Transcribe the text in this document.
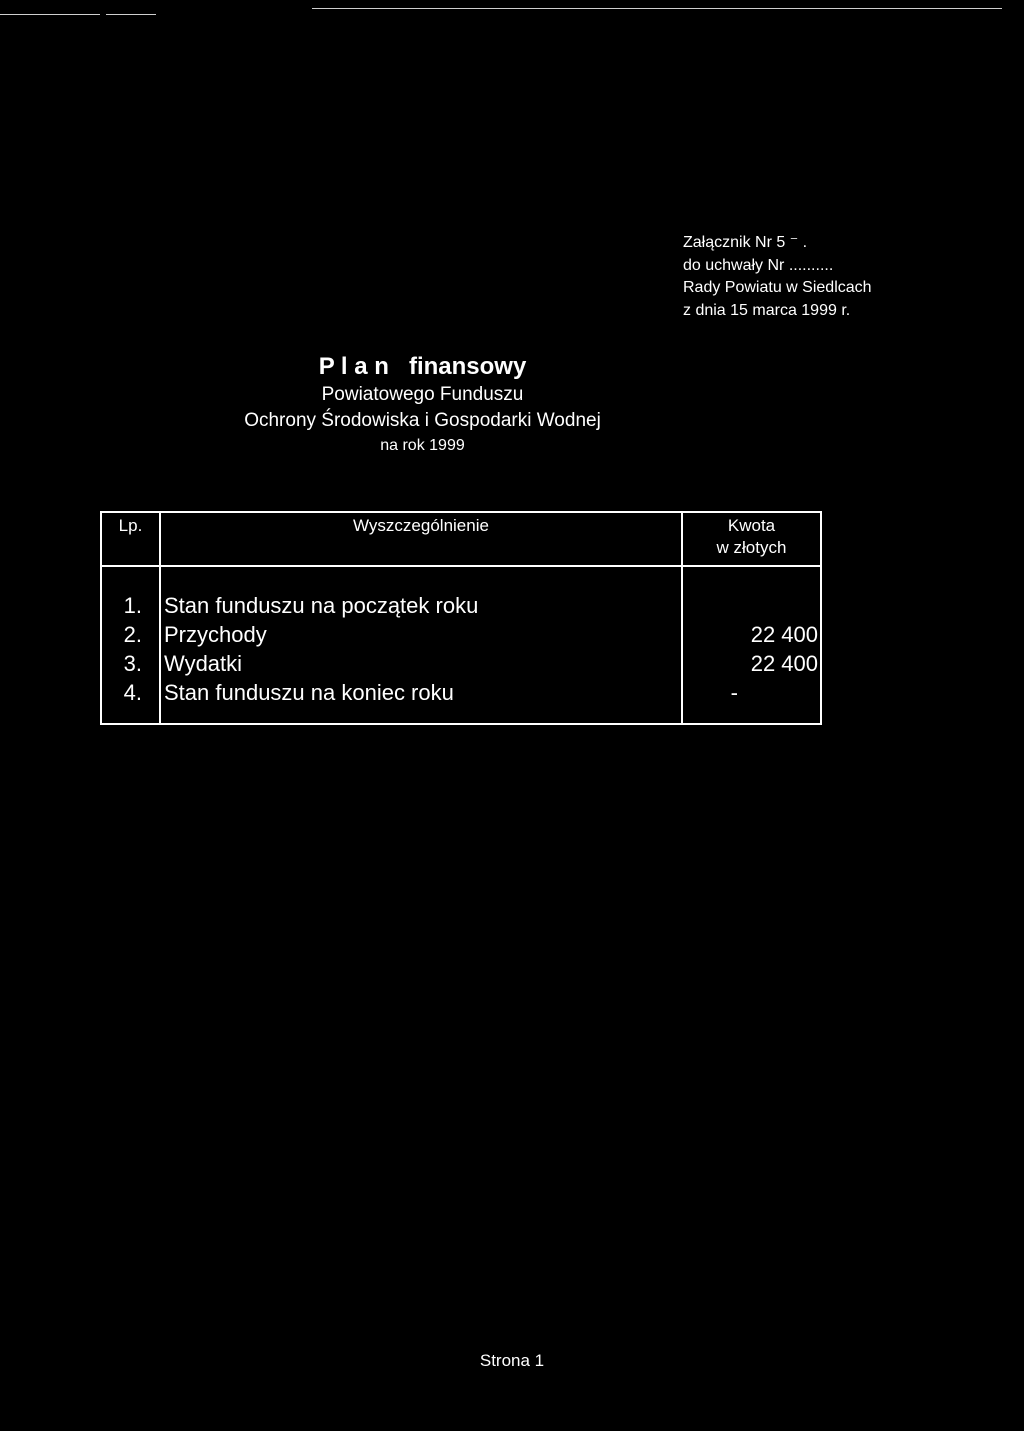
Załącznik Nr 5 ⁻ .
do uchwały Nr ..........
Rady Powiatu w Siedlcach
z dnia 15 marca 1999 r.
P l a n   finansowy
Powiatowego Funduszu
Ochrony Środowiska i Gospodarki Wodnej
na rok 1999
Lp.	Wyszczególnienie	Kwota
w złotych
1. Stan funduszu na początek roku
2. Przychody	22 400
3. Wydatki	22 400
4. Stan funduszu na koniec roku	-
Strona 1
